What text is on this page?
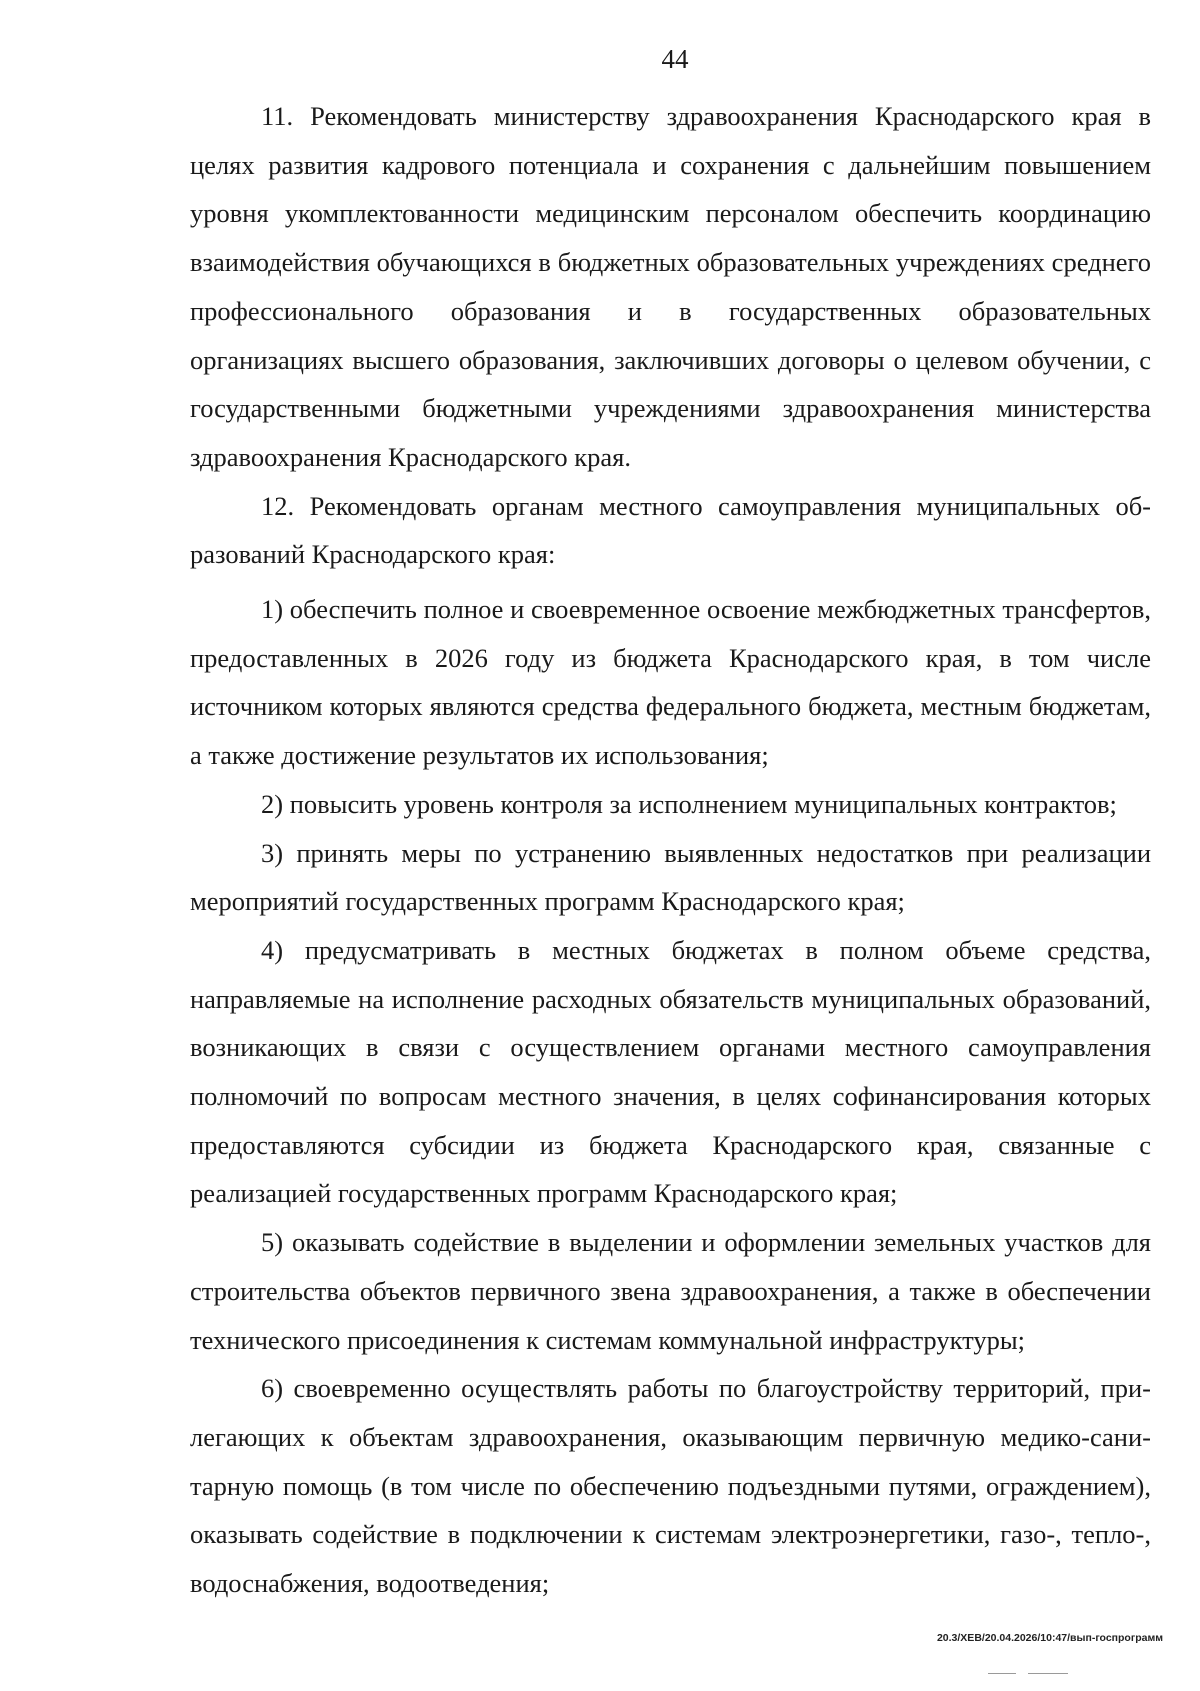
44

11. Рекомендовать министерству здравоохранения Краснодарского края в целях развития кадрового потенциала и сохранения с дальнейшим повышением уровня укомплектованности медицинским персоналом обеспечить координацию взаимодействия обучающихся в бюджетных образовательных учреждениях среднего профессионального образования и в государственных образовательных организациях высшего образования, заключивших договоры о целевом обучении, с государственными бюджетными учреждениями здравоохранения министерства здравоохранения Краснодарского края.

12. Рекомендовать органам местного самоуправления муниципальных образований Краснодарского края:

1) обеспечить полное и своевременное освоение межбюджетных трансфертов, предоставленных в 2026 году из бюджета Краснодарского края, в том числе источником которых являются средства федерального бюджета, местным бюджетам, а также достижение результатов их использования;

2) повысить уровень контроля за исполнением муниципальных контрактов;

3) принять меры по устранению выявленных недостатков при реализации мероприятий государственных программ Краснодарского края;

4) предусматривать в местных бюджетах в полном объеме средства, направляемые на исполнение расходных обязательств муниципальных образований, возникающих в связи с осуществлением органами местного самоуправления полномочий по вопросам местного значения, в целях софинансирования которых предоставляются субсидии из бюджета Краснодарского края, связанные с реализацией государственных программ Краснодарского края;

5) оказывать содействие в выделении и оформлении земельных участков для строительства объектов первичного звена здравоохранения, а также в обеспечении технического присоединения к системам коммунальной инфраструктуры;

6) своевременно осуществлять работы по благоустройству территорий, прилегающих к объектам здравоохранения, оказывающим первичную медико-санитарную помощь (в том числе по обеспечению подъездными путями, ограждением), оказывать содействие в подключении к системам электроэнергетики, газо-, тепло-, водоснабжения, водоотведения;

20.3/ХЕВ/20.04.2026/10:47/вып-госпрограмм
